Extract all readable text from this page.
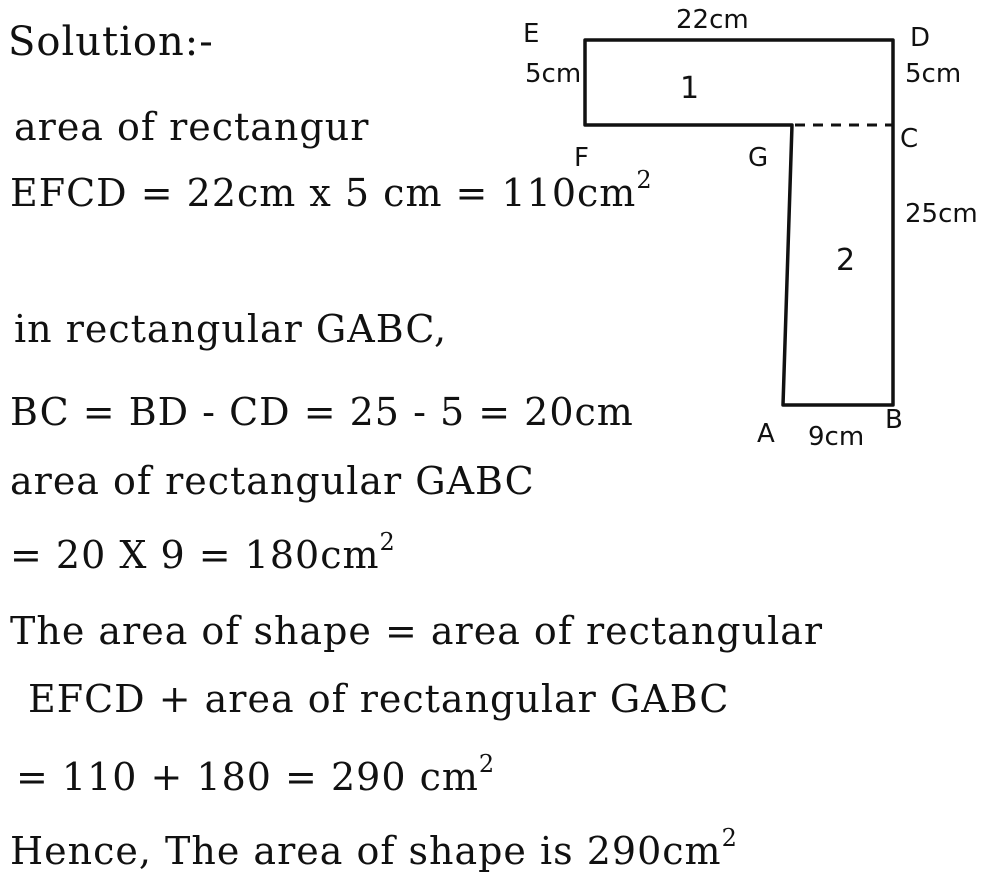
Solution:-
area of rectangur
EFCD = 22cm x 5 cm = $110cm^2$
in rectangular GABC,
BC = BD - CD = 25 - 5 = 20cm
area of rectangular GABC
= 20 X $9 = 180cm^2$
The area of shape = area of rectangular
EFCD + area of rectangular GABC
= 110 + 180 = 290 $cm^2$
Hence, The area of shape is $290cm^2$
E	D
F	G
C
A	B
22cm
5cm	5cm
25cm
9cm
1
2
